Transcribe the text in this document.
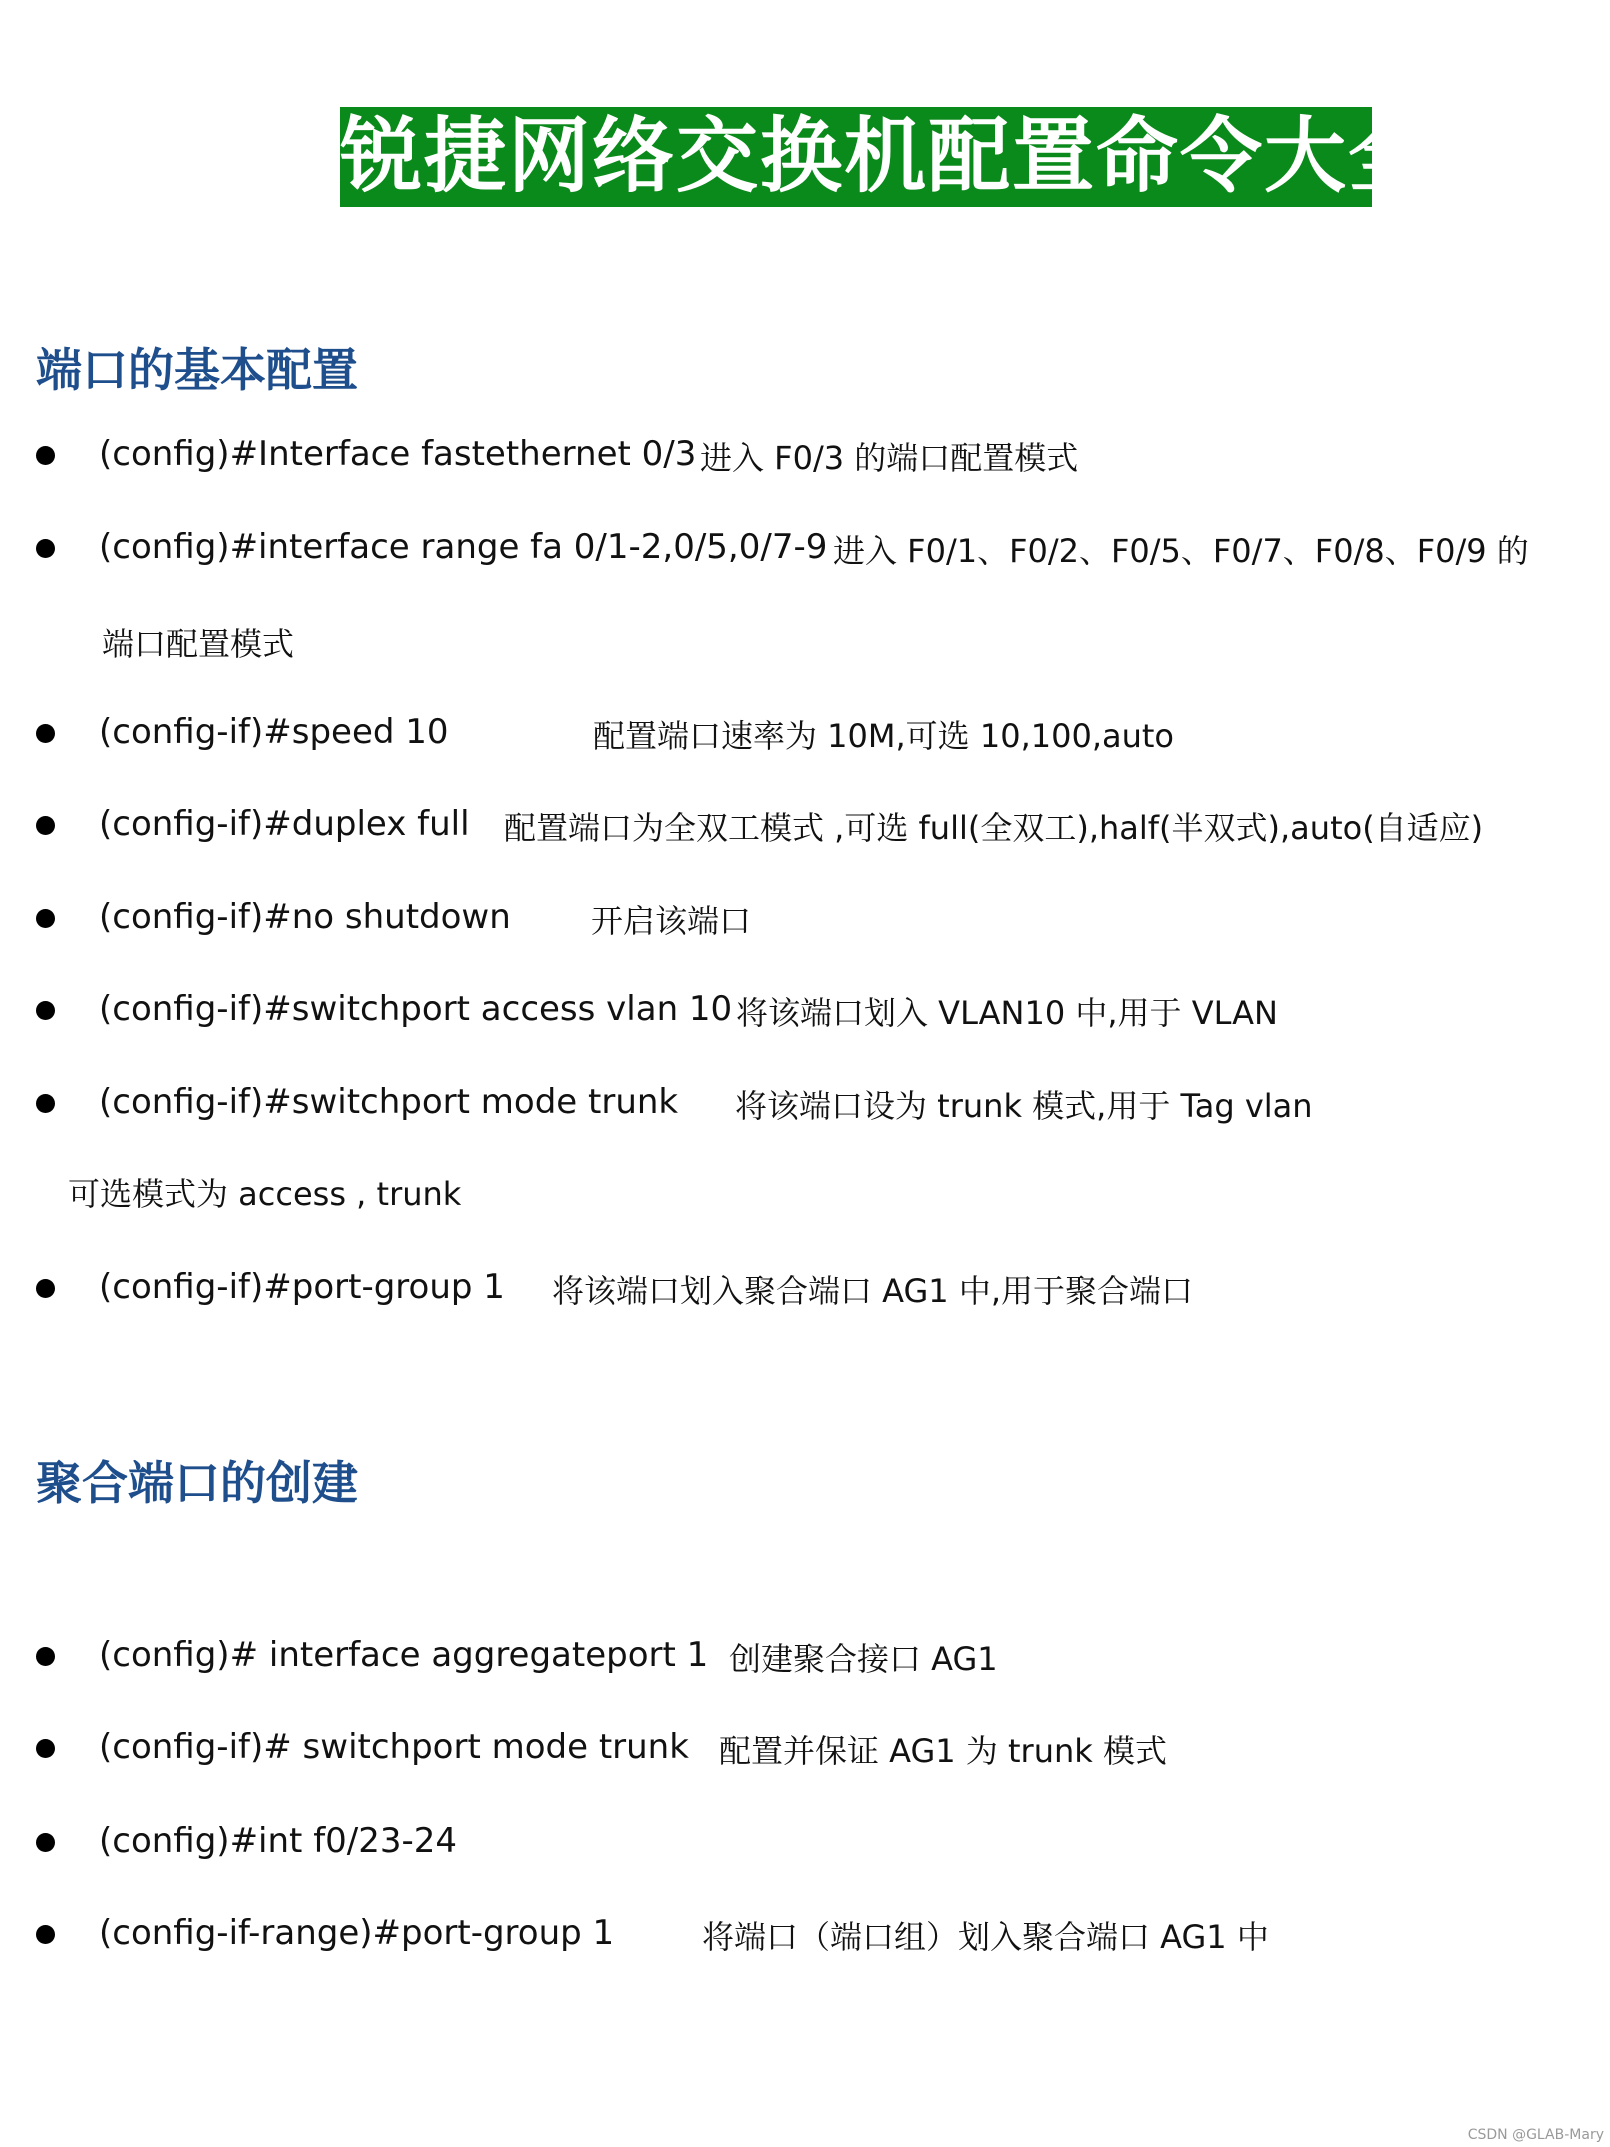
锐捷网络交换机配置命令大全
端口的基本配置
(config)#Interface fastethernet 0/3 进入 F0/3 的端口配置模式
(config)#interface range fa 0/1-2,0/5,0/7-9 进入 F0/1、F0/2、F0/5、F0/7、F0/8、F0/9 的
端口配置模式
(config-if)#speed 10	配置端口速率为 10M,可选 10,100,auto
(config-if)#duplex full 配置端口为全双工模式 ,可选 full(全双工),half(半双式),auto(自适应)
(config-if)#no shutdown	开启该端口
(config-if)#switchport access vlan 10 将该端口划入 VLAN10 中,用于 VLAN
(config-if)#switchport mode trunk 将该端口设为 trunk 模式,用于 Tag vlan
可选模式为 access , trunk
(config-if)#port-group 1 将该端口划入聚合端口 AG1 中,用于聚合端口
聚合端口的创建
(config)# interface aggregateport 1 创建聚合接口 AG1
(config-if)# switchport mode trunk 配置并保证 AG1 为 trunk 模式
(config)#int f0/23-24
(config-if-range)#port-group 1	将端口（端口组）划入聚合端口 AG1 中
CSDN @GLAB-Mary
